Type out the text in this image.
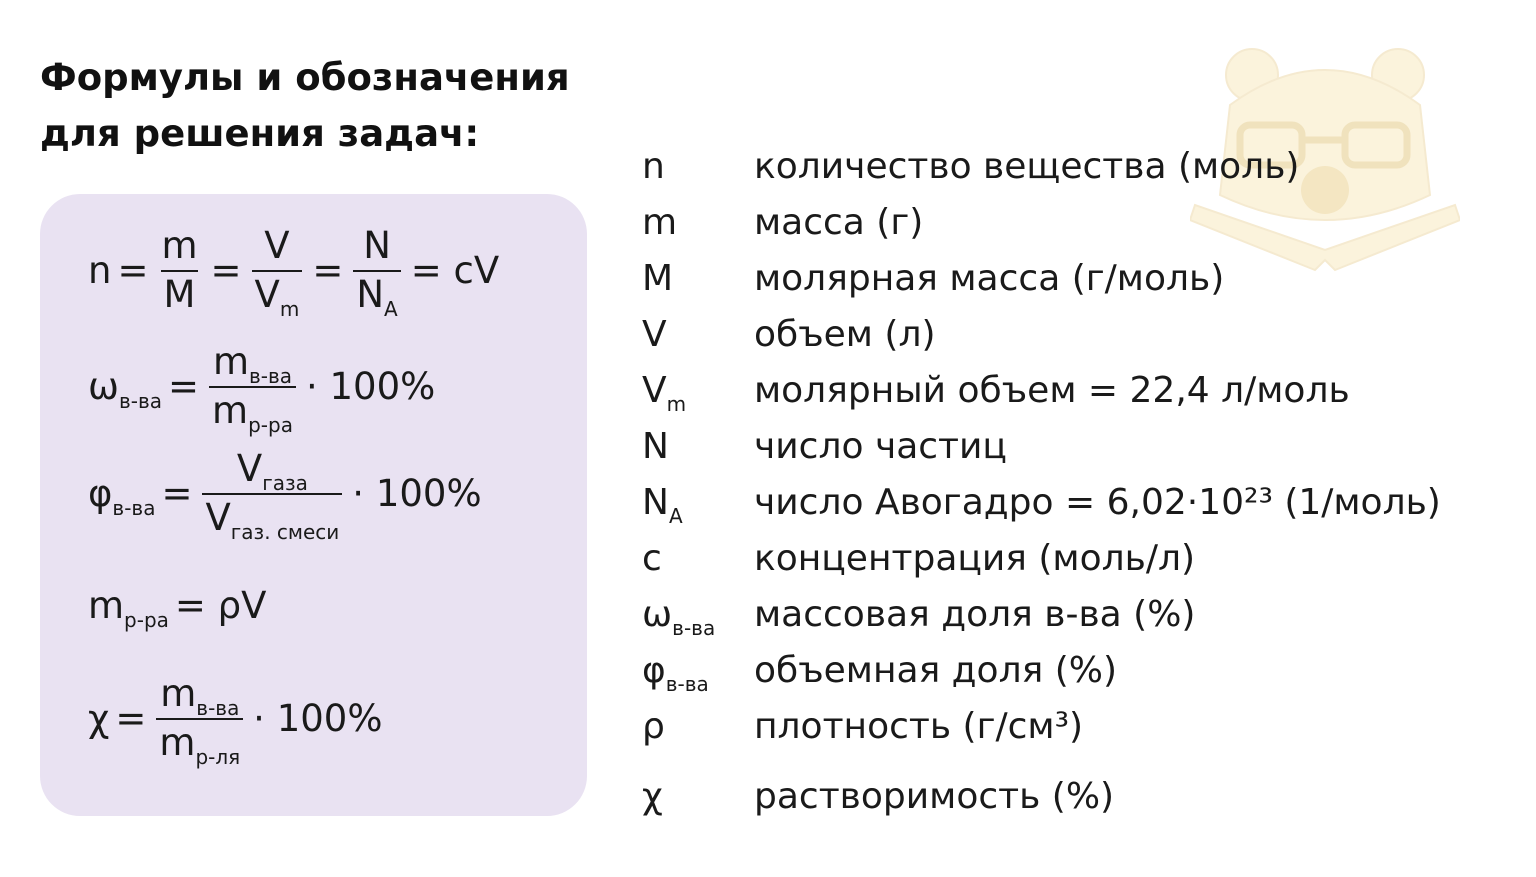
Формулы и обозначения
для решения задач:
$n = \frac{m}{M} = \frac{V}{V_m} = \frac{N}{N_А}$ = cV
$\omega_{в-ва} = \frac{m_{в-ва}}{m_{р-ра}} \cdot 100\%$
$\varphi_{в-ва} = \frac{V_{газа}}{V_{газ. смеси}} \cdot 100\%$
$m_{р-ра} = \rho V$
$\chi = \frac{m_{в-ва}}{m_{р-ля}} \cdot 100\%$
n	количество вещества (моль)
m	масса (г)
M	молярная масса (г/моль)
V	объем (л)
$V_m$	молярный объем = 22,4 л/моль
N	число частиц
$N_А$	число Авогадро = 6,02·10²³ (1/моль)
c	концентрация (моль/л)
$\omega_{в-ва}$	массовая доля в-ва (%)
$\varphi_{в-ва}$	объемная доля (%)
ρ	плотность (г/см³)
χ	растворимость (%)
